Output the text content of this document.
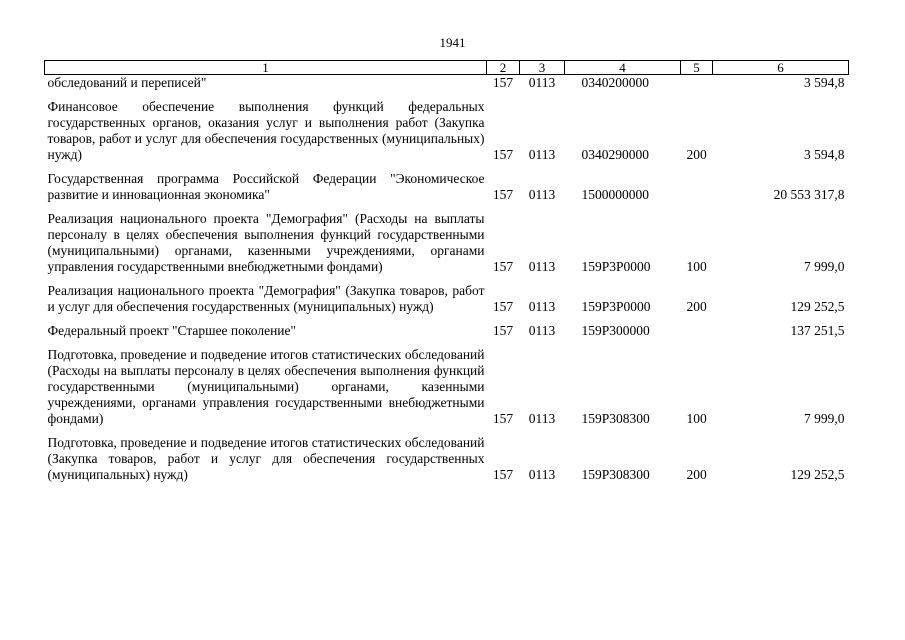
1941
1	2	3	4	5	6
обследований и переписей"	157	0113	0340200000		3 594,8

Финансовое обеспечение выполнения функций федеральных государственных органов, оказания услуг и выполнения работ (Закупка товаров, работ и услуг для обеспечения государственных (муниципальных) нужд)	157	0113	0340290000	200	3 594,8

Государственная программа Российской Федерации "Экономическое развитие и инновационная экономика"	157	0113	1500000000		20 553 317,8

Реализация национального проекта "Демография" (Расходы на выплаты персоналу в целях обеспечения выполнения функций государственными (муниципальными) органами, казенными учреждениями, органами управления государственными внебюджетными фондами)	157	0113	159P3P0000	100	7 999,0

Реализация национального проекта "Демография" (Закупка товаров, работ и услуг для обеспечения государственных (муниципальных) нужд)	157	0113	159P3P0000	200	129 252,5

Федеральный проект "Старшее поколение"	157	0113	159P300000		137 251,5

Подготовка, проведение и подведение итогов статистических обследований (Расходы на выплаты персоналу в целях обеспечения выполнения функций государственными (муниципальными) органами, казенными учреждениями, органами управления государственными внебюджетными фондами)	157	0113	159P308300	100	7 999,0

Подготовка, проведение и подведение итогов статистических обследований (Закупка товаров, работ и услуг для обеспечения государственных (муниципальных) нужд)	157	0113	159P308300	200	129 252,5
